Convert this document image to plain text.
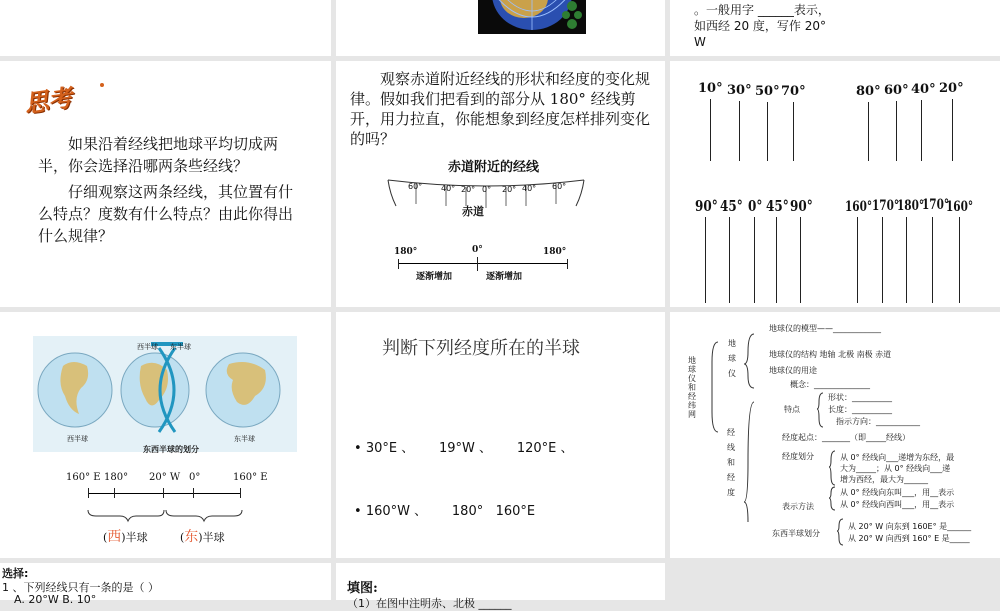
。一般用字 ______表示，
如西经 20 度，写作 20°
W
思考
如果沿着经线把地球平均切成两半，你会选择沿哪两条些经线？
仔细观察这两条经线，其位置有什么特点？度数有什么特点？由此你得出什么规律？
观察赤道附近经线的形状和经度的变化规律。假如我们把看到的部分从 180° 经线剪开，用力拉直，你能想象到经度怎样排列变化的吗？
赤道附近的经线
60° 40° 20° 0° 20° 40° 60°
赤道
180°	0°	180°
逐渐增加	逐渐增加
10° 30° 50° 70°	80° 60° 40° 20°
90° 45° 0° 45° 90° 160° 170°
180°
170°
160°
西半球 东半球
西半球	东半球
东西半球的划分
160° E 180° 20° W 0°	160° E
(西)半球	(东)半球
判断下列经度所在的半球

• 30°E 、      19°W 、      120°E 、

• 160°W 、      180°   160°E

地球仪和经纬网
地球仪
地球仪的模型——____________
地球仪的结构 地轴 北极 南极 赤道
地球仪的用途
经线和经度
概念：______________
特点
形状：__________
长度：__________
指示方向：___________
经度起点：_______（即_____经线）
经度划分	从 0° 经线向___递增为东经，最
大为_____；从 0° 经线向___递
增为西经，最大为______
表示方法
从 0° 经线向东叫___，用__表示
从 0° 经线向西叫___，用__表示
东西半球划分
从 20° W 向东到 160E° 是______
从 20° W 向西到 160° E 是_____
选择:
1 、下列经线只有一条的是（ ）
A. 20°W B. 10°
填图:
（1）在图中注明赤、北极 ______
